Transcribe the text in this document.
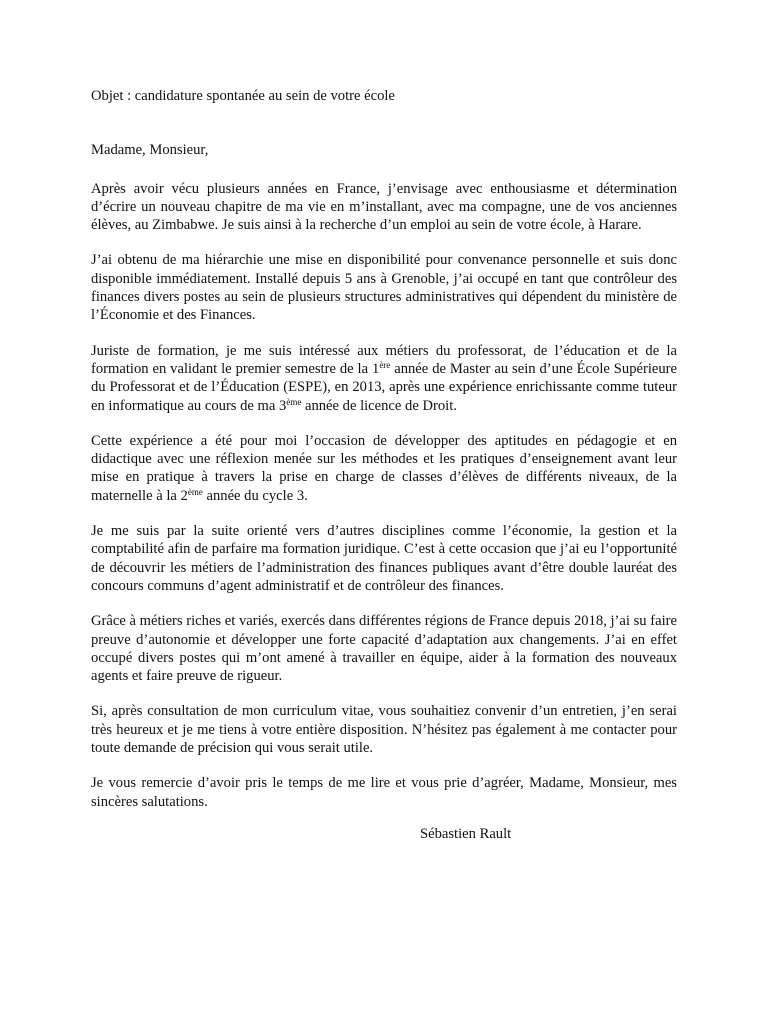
Objet : candidature spontanée au sein de votre école

Madame, Monsieur,

Après avoir vécu plusieurs années en France, j’envisage avec enthousiasme et détermination d’écrire un nouveau chapitre de ma vie en m’installant, avec ma compagne, une de vos anciennes élèves, au Zimbabwe. Je suis ainsi à la recherche d’un emploi au sein de votre école, à Harare.

J’ai obtenu de ma hiérarchie une mise en disponibilité pour convenance personnelle et suis donc disponible immédiatement. Installé depuis 5 ans à Grenoble, j’ai occupé en tant que contrôleur des finances divers postes au sein de plusieurs structures administratives qui dépendent du ministère de l’Économie et des Finances.

Juriste de formation, je me suis intéressé aux métiers du professorat, de l’éducation et de la formation en validant le premier semestre de la 1ère année de Master au sein d’une École Supérieure du Professorat et de l’Éducation (ESPE), en 2013, après une expérience enrichissante comme tuteur en informatique au cours de ma 3ème année de licence de Droit.

Cette expérience a été pour moi l’occasion de développer des aptitudes en pédagogie et en didactique avec une réflexion menée sur les méthodes et les pratiques d’enseignement avant leur mise en pratique à travers la prise en charge de classes d’élèves de différents niveaux, de la maternelle à la 2ème année du cycle 3.

Je me suis par la suite orienté vers d’autres disciplines comme l’économie, la gestion et la comptabilité afin de parfaire ma formation juridique. C’est à cette occasion que j’ai eu l’opportunité de découvrir les métiers de l’administration des finances publiques avant d’être double lauréat des concours communs d’agent administratif et de contrôleur des finances.

Grâce à métiers riches et variés, exercés dans différentes régions de France depuis 2018, j’ai su faire preuve d’autonomie et développer une forte capacité d’adaptation aux changements. J’ai en effet occupé divers postes qui m’ont amené à travailler en équipe, aider à la formation des nouveaux agents et faire preuve de rigueur.

Si, après consultation de mon curriculum vitae, vous souhaitiez convenir d’un entretien, j’en serai très heureux et je me tiens à votre entière disposition. N’hésitez pas également à me contacter pour toute demande de précision qui vous serait utile.

Je vous remercie d’avoir pris le temps de me lire et vous prie d’agréer, Madame, Monsieur, mes sincères salutations.

Sébastien Rault
